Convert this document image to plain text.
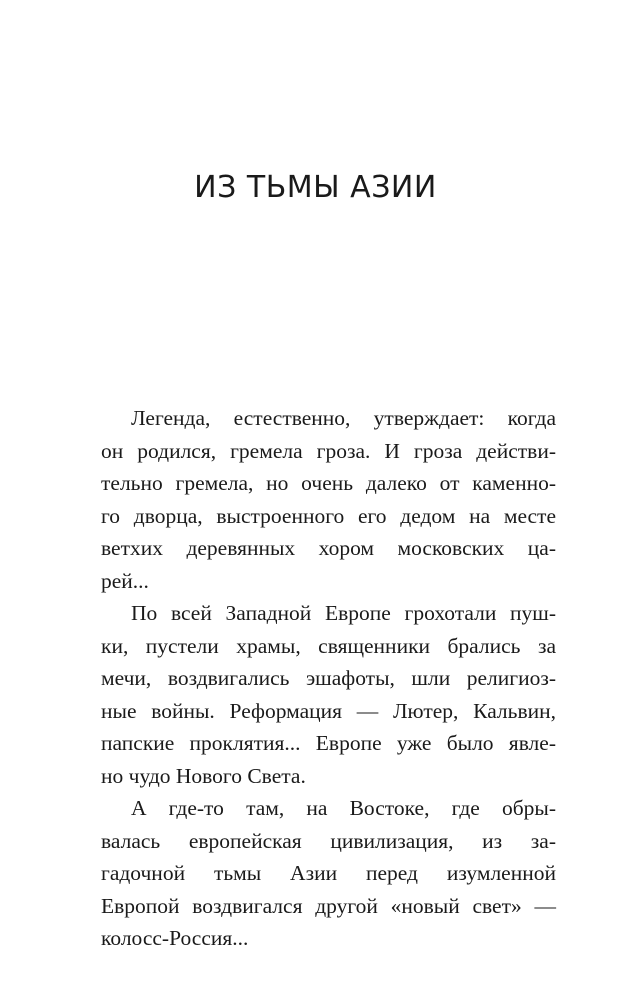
ИЗ ТЬМЫ АЗИИ

Легенда, естественно, утверждает: когда
он родился, гремела гроза. И гроза действи-
тельно гремела, но очень далеко от каменно-
го дворца, выстроенного его дедом на месте
ветхих деревянных хором московских ца-
рей...

По всей Западной Европе грохотали пуш-
ки, пустели храмы, священники брались за
мечи, воздвигались эшафоты, шли религиоз-
ные войны. Реформация — Лютер, Кальвин,
папские проклятия... Европе уже было явле-
но чудо Нового Света.

А где-то там, на Востоке, где обры-
валась европейская цивилизация, из за-
гадочной тьмы Азии перед изумленной
Европой воздвигался другой «новый свет» —
колосс-Россия...
